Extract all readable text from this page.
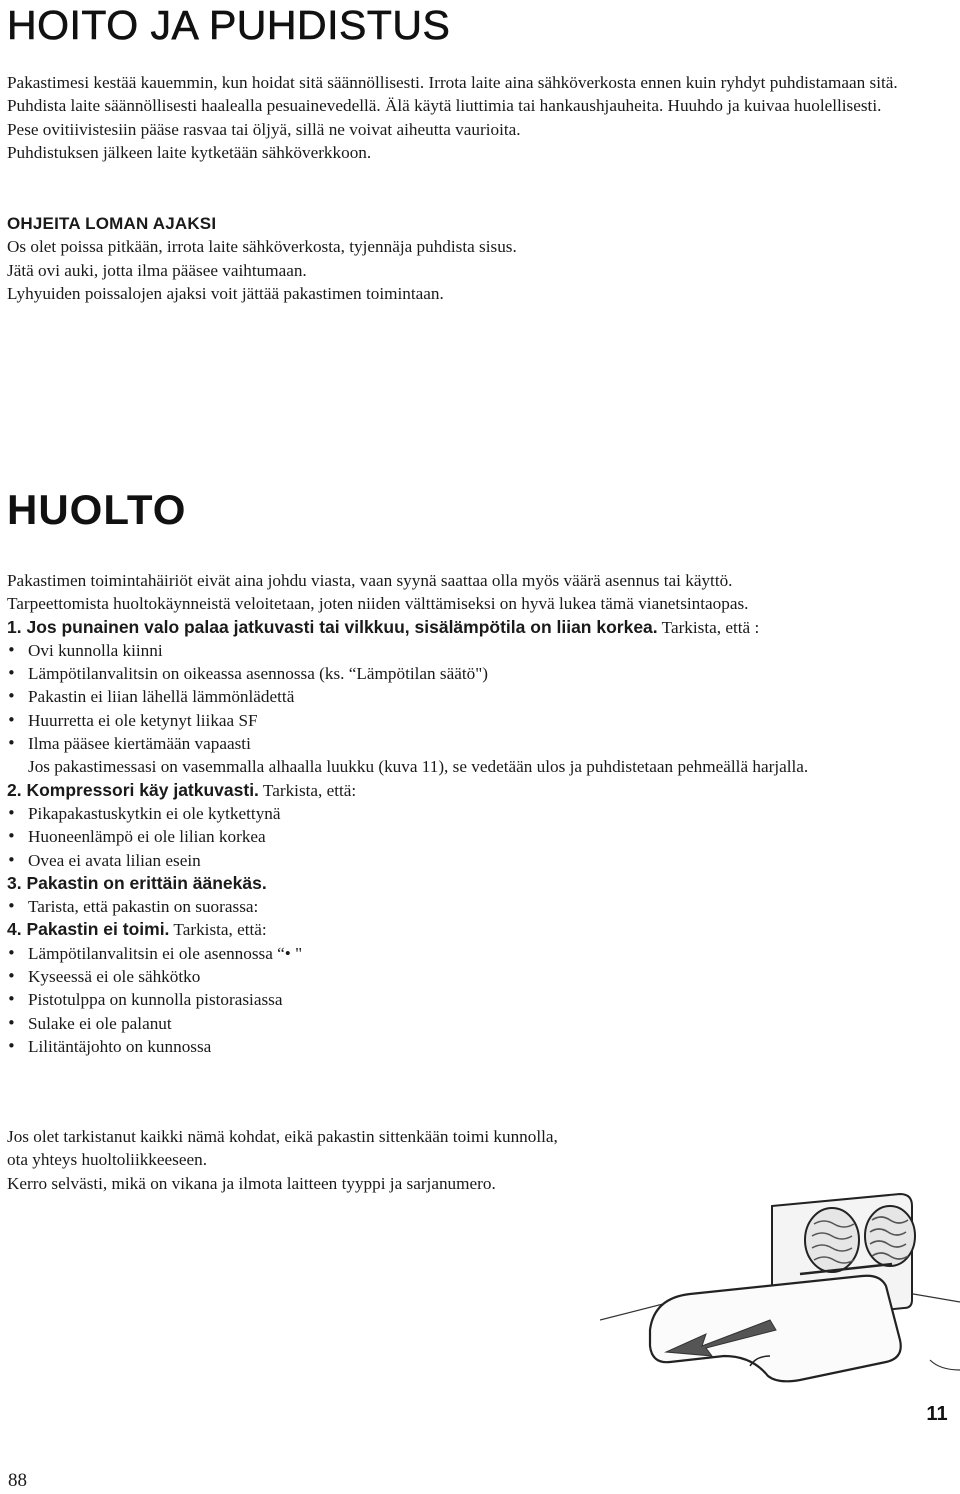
HOITO JA PUHDISTUS

Pakastimesi kestää kauemmin, kun hoidat sitä säännöllisesti. Irrota laite aina sähköverkosta ennen kuin ryhdyt puhdistamaan sitä. Puhdista laite säännöllisesti haalealla pesuainevedellä. Älä käytä liuttimia tai hankaushjauheita. Huuhdo ja kuivaa huolellisesti.

Pese ovitiivistesiin pääse rasvaa tai öljyä, sillä ne voivat aiheutta vaurioita.

Puhdistuksen jälkeen laite kytketään sähköverkkoon.

OHJEITA LOMAN AJAKSI

Os olet poissa pitkään, irrota laite sähköverkosta, tyjennäja puhdista sisus.

Jätä ovi auki, jotta ilma pääsee vaihtumaan.

Lyhyuiden poissalojen ajaksi voit jättää pakastimen toimintaan.

HUOLTO

Pakastimen toimintahäiriöt eivät aina johdu viasta, vaan syynä saattaa olla myös väärä asennus tai käyttö.

Tarpeettomista huoltokäynneistä veloitetaan, joten niiden välttämiseksi on hyvä lukea tämä vianetsintaopas.

1. Jos punainen valo palaa jatkuvasti tai vilkkuu, sisälämpötila on liian korkea. Tarkista, että :

• Ovi kunnolla kiinni
• Lämpötilanvalitsin on oikeassa asennossa (ks. “Lämpötilan säätö")
• Pakastin ei liian lähellä lämmönlädettä
• Huurretta ei ole ketynyt liikaa SF
• Ilma pääsee kiertämään vapaasti

Jos pakastimessasi on vasemmalla alhaalla luukku (kuva 11), se vedetään ulos ja puhdistetaan pehmeällä harjalla.

2. Kompressori käy jatkuvasti. Tarkista, että:

• Pikapakastuskytkin ei ole kytkettynä
• Huoneenlämpö ei ole lilian korkea
• Ovea ei avata lilian esein

3. Pakastin on erittäin äänekäs.

• Tarista, että pakastin on suorassa:

4. Pakastin ei toimi. Tarkista, että:

• Lämpötilanvalitsin ei ole asennossa “• "
• Kyseessä ei ole sähkötko
• Pistotulppa on kunnolla pistorasiassa
• Sulake ei ole palanut
• Lilitäntäjohto on kunnossa

Jos olet tarkistanut kaikki nämä kohdat, eikä pakastin sittenkään toimi kunnolla, ota yhteys huoltoliikkeeseen.

Kerro selvästi, mikä on vikana ja ilmota laitteen tyyppi ja sarjanumero.

11
88
